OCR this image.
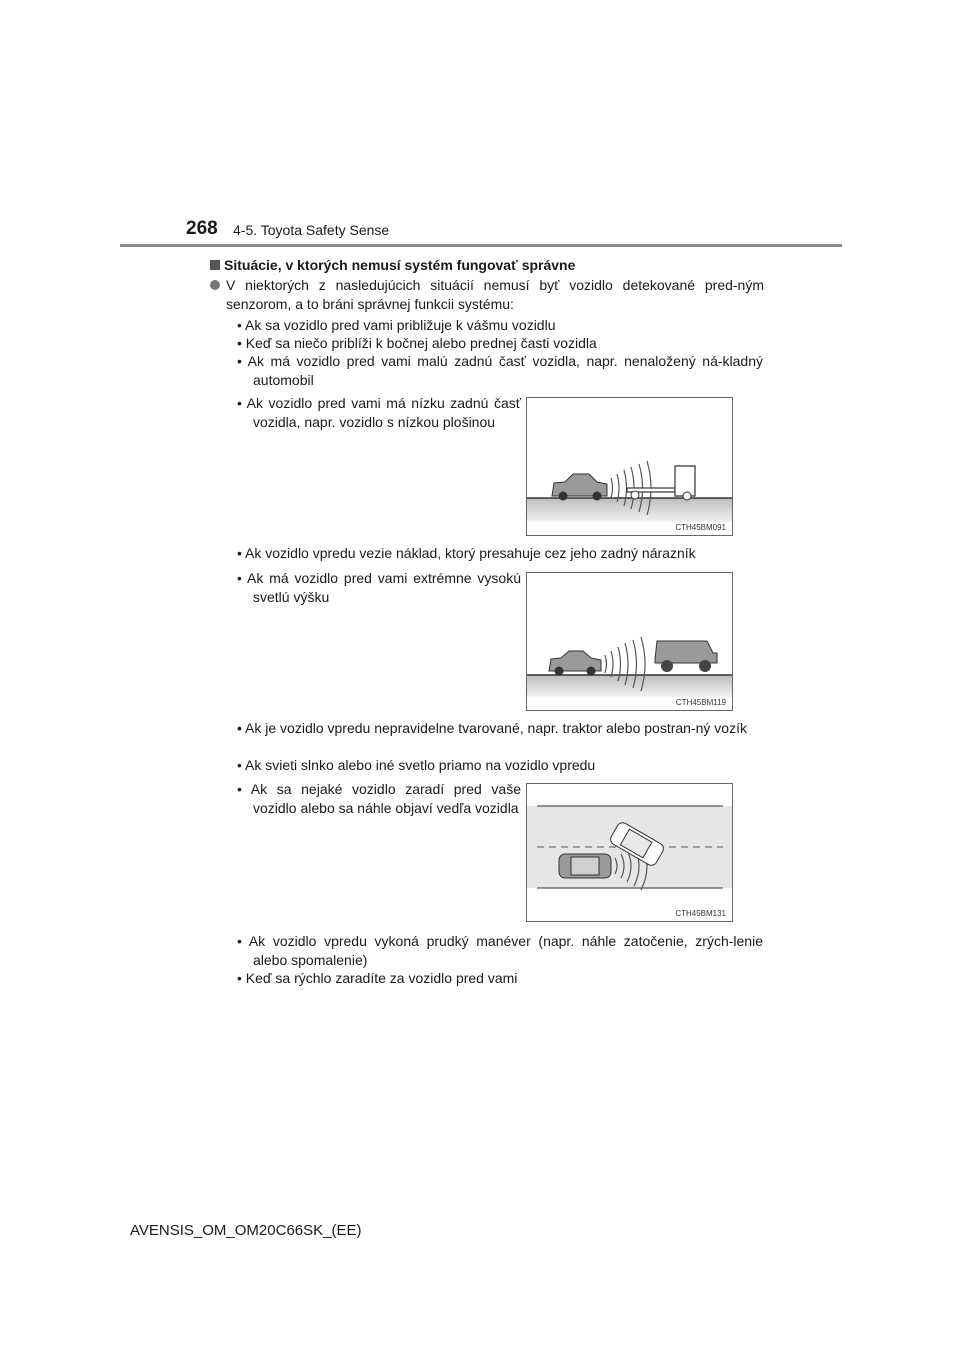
268 4-5. Toyota Safety Sense
Situácie, v ktorých nemusí systém fungovať správne
V niektorých z nasledujúcich situácií nemusí byť vozidlo detekované pred-ným senzorom, a to bráni správnej funkcii systému:
• Ak sa vozidlo pred vami približuje k vášmu vozidlu
• Keď sa niečo priblíži k bočnej alebo prednej časti vozidla
• Ak má vozidlo pred vami malú zadnú časť vozidla, napr. nenaložený ná-kladný automobil
• Ak vozidlo pred vami má nízku zadnú časť vozidla, napr. vozidlo s nízkou plošinou
CTH45BM091
• Ak vozidlo vpredu vezie náklad, ktorý presahuje cez jeho zadný nárazník
• Ak má vozidlo pred vami extrémne vysokú svetlú výšku
CTH45BM119
• Ak je vozidlo vpredu nepravidelne tvarované, napr. traktor alebo postran-ný vozík
• Ak svieti slnko alebo iné svetlo priamo na vozidlo vpredu
• Ak sa nejaké vozidlo zaradí pred vaše vozidlo alebo sa náhle objaví vedľa vozidla
CTH45BM131
• Ak vozidlo vpredu vykoná prudký manéver (napr. náhle zatočenie, zrých-lenie alebo spomalenie)
• Keď sa rýchlo zaradíte za vozidlo pred vami
AVENSIS_OM_OM20C66SK_(EE)
